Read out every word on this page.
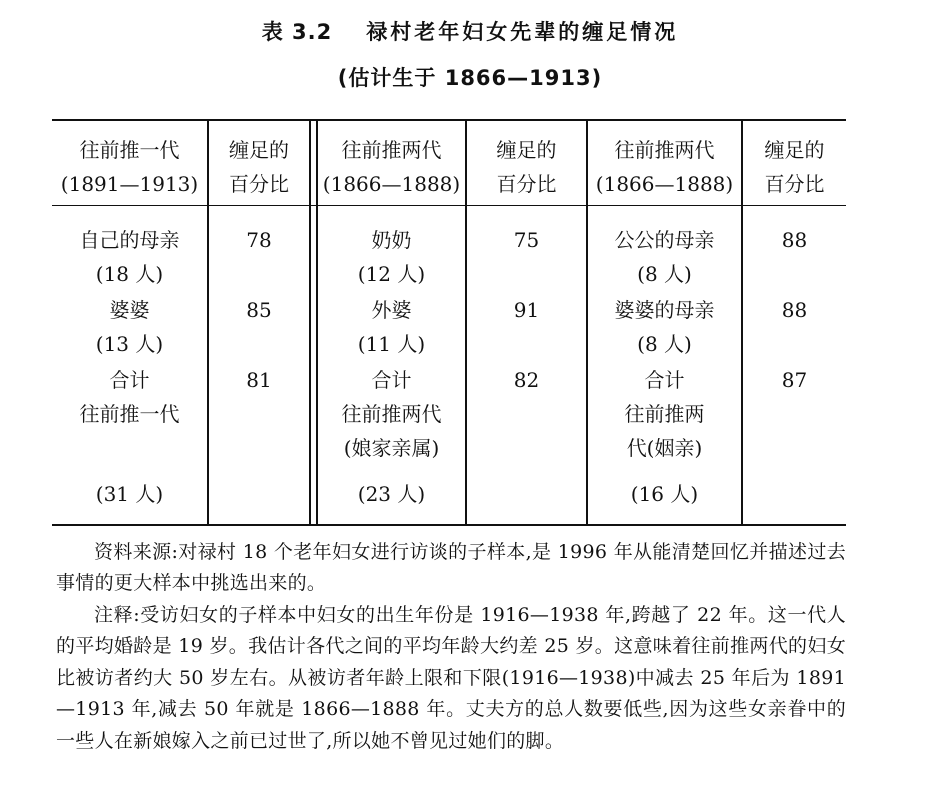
表 3.2 禄村老年妇女先辈的缠足情况
(估计生于 1866—1913)
往前推一代
(1891—1913)
缠足的
百分比
往前推两代
(1866—1888)
缠足的
百分比
往前推两代
(1866—1888)
缠足的
百分比
自己的母亲
(18 人)
78
婆婆
(13 人)
85
合计
往前推一代
81
(31 人)
奶奶
(12 人)
75
外婆
(11 人)
91
合计
往前推两代
(娘家亲属)
82
(23 人)
公公的母亲
(8 人)
88
婆婆的母亲
(8 人)
88
合计
往前推两
代(姻亲)
87
(16 人)
资料来源:对禄村 18 个老年妇女进行访谈的子样本,是 1996 年从能清楚回忆并描述过去事情的更大样本中挑选出来的。
注释:受访妇女的子样本中妇女的出生年份是 1916—1938 年,跨越了 22 年。这一代人的平均婚龄是 19 岁。我估计各代之间的平均年龄大约差 25 岁。这意味着往前推两代的妇女比被访者约大 50 岁左右。从被访者年龄上限和下限(1916—1938)中减去 25 年后为 1891—1913 年,减去 50 年就是 1866—1888 年。丈夫方的总人数要低些,因为这些女亲眷中的一些人在新娘嫁入之前已过世了,所以她不曾见过她们的脚。
